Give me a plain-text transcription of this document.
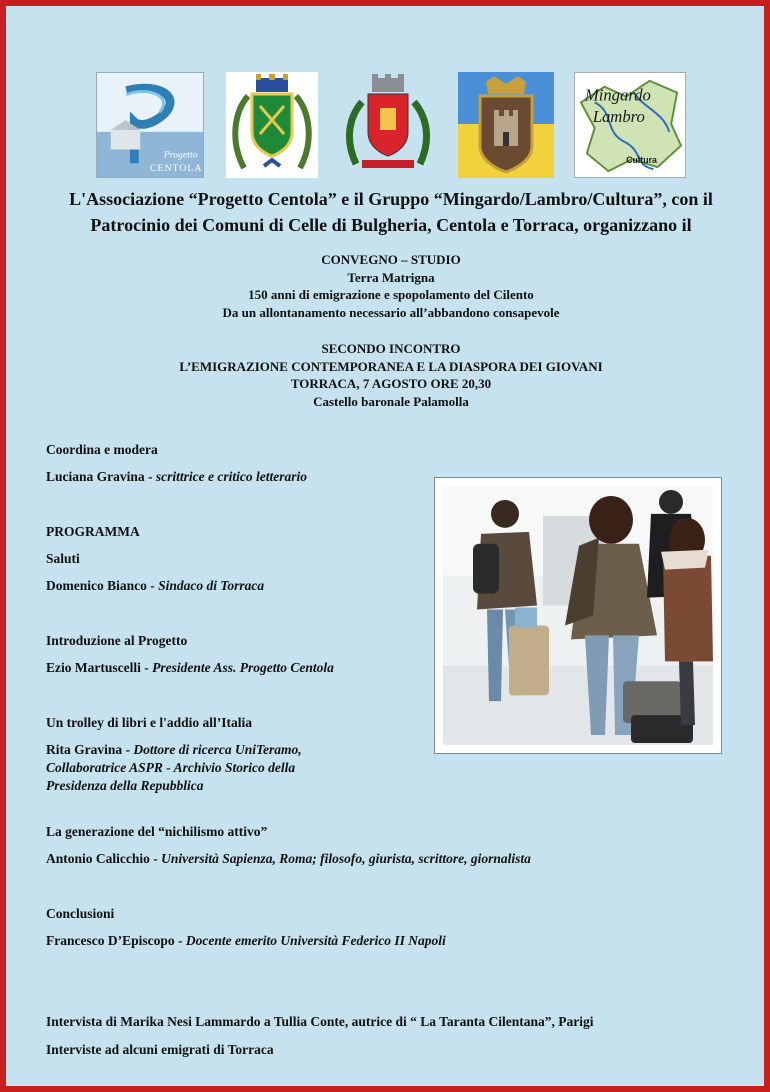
Progetto
CENTOLA
Mingardo
Lambro
Cultura
L'Associazione “Progetto Centola” e il Gruppo “Mingardo/Lambro/Cultura”, con il
Patrocinio dei Comuni di Celle di Bulgheria, Centola e Torraca, organizzano il
CONVEGNO – STUDIO
Terra Matrigna
150 anni di emigrazione e spopolamento del Cilento
Da un allontanamento necessario all’abbandono consapevole
SECONDO INCONTRO
L’EMIGRAZIONE CONTEMPORANEA E LA DIASPORA DEI GIOVANI
TORRACA, 7 AGOSTO ORE 20,30
Castello baronale Palamolla
Coordina e modera
Luciana Gravina - scrittrice e critico letterario
PROGRAMMA
Saluti
Domenico Bianco - Sindaco di Torraca
Introduzione al Progetto
Ezio Martuscelli - Presidente Ass. Progetto Centola
Un trolley di libri e l'addio all’Italia
Rita Gravina - Dottore di ricerca UniTeramo,
Collaboratrice ASPR - Archivio Storico della
Presidenza della Repubblica
La generazione del “nichilismo attivo”
Antonio Calicchio - Università Sapienza, Roma; filosofo, giurista, scrittore, giornalista
Conclusioni
Francesco D’Episcopo - Docente emerito Università Federico II Napoli
Intervista di Marika Nesi Lammardo a Tullia Conte, autrice di “ La Taranta Cilentana”, Parigi
Interviste ad alcuni emigrati di Torraca
